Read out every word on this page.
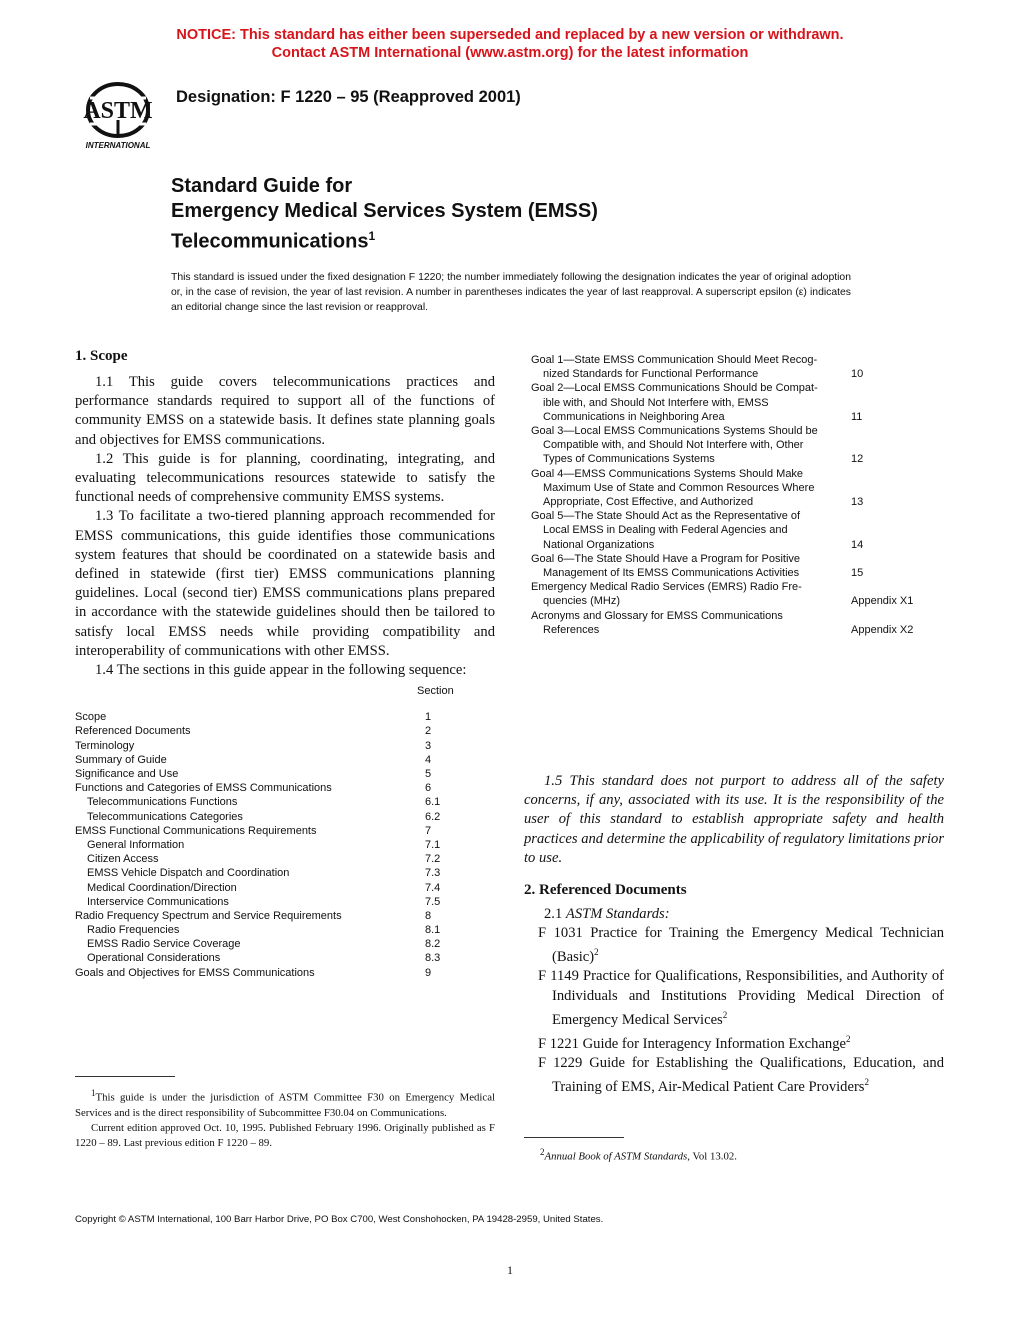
NOTICE: This standard has either been superseded and replaced by a new version or withdrawn.
Contact ASTM International (www.astm.org) for the latest information
ASTM
INTERNATIONAL
Designation: F 1220 – 95 (Reapproved 2001)
Standard Guide for
Emergency Medical Services System (EMSS)
Telecommunications$^1$
This standard is issued under the fixed designation F 1220; the number immediately following the designation indicates the year of original adoption or, in the case of revision, the year of last revision. A number in parentheses indicates the year of last reapproval. A superscript epsilon (ε) indicates an editorial change since the last revision or reapproval.
1. Scope

1.1 This guide covers telecommunications practices and performance standards required to support all of the functions of community EMSS on a statewide basis. It defines state planning goals and objectives for EMSS communications.

1.2 This guide is for planning, coordinating, integrating, and evaluating telecommunications resources statewide to satisfy the functional needs of comprehensive community EMSS systems.

1.3 To facilitate a two-tiered planning approach recommended for EMSS communications, this guide identifies those communications system features that should be coordinated on a statewide basis and defined in statewide (first tier) EMSS communications planning guidelines. Local (second tier) EMSS communications plans prepared in accordance with the statewide guidelines should then be tailored to satisfy local EMSS needs while providing compatibility and interoperability of communications with other EMSS.

1.4 The sections in this guide appear in the following sequence:

Section
Scope	1
Referenced Documents	2
Terminology	3
Summary of Guide	4
Significance and Use	5
Functions and Categories of EMSS Communications	6
Telecommunications Functions	6.1
Telecommunications Categories	6.2
EMSS Functional Communications Requirements	7
General Information	7.1
Citizen Access	7.2
EMSS Vehicle Dispatch and Coordination	7.3
Medical Coordination/Direction	7.4
Interservice Communications	7.5
Radio Frequency Spectrum and Service Requirements	8
Radio Frequencies	8.1
EMSS Radio Service Coverage	8.2
Operational Considerations	8.3
Goals and Objectives for EMSS Communications	9
$^1$This guide is under the jurisdiction of ASTM Committee F30 on Emergency Medical Services and is the direct responsibility of Subcommittee F30.04 on Communications.
Current edition approved Oct. 10, 1995. Published February 1996. Originally published as F 1220 – 89. Last previous edition F 1220 – 89.
Goal 1—State EMSS Communication Should Meet Recog-
nized Standards for Functional Performance	10
Goal 2—Local EMSS Communications Should be Compat-
ible with, and Should Not Interfere with, EMSS
Communications in Neighboring Area	11
Goal 3—Local EMSS Communications Systems Should be
Compatible with, and Should Not Interfere with, Other
Types of Communications Systems	12
Goal 4—EMSS Communications Systems Should Make
Maximum Use of State and Common Resources Where
Appropriate, Cost Effective, and Authorized	13
Goal 5—The State Should Act as the Representative of
Local EMSS in Dealing with Federal Agencies and
National Organizations	14
Goal 6—The State Should Have a Program for Positive
Management of Its EMSS Communications Activities	15
Emergency Medical Radio Services (EMRS) Radio Fre-
quencies (MHz)	Appendix X1
Acronyms and Glossary for EMSS Communications
References	Appendix X2
1.5 This standard does not purport to address all of the safety concerns, if any, associated with its use. It is the responsibility of the user of this standard to establish appropriate safety and health practices and determine the applicability of regulatory limitations prior to use.
2. Referenced Documents

2.1 ASTM Standards:

F 1031 Practice for Training the Emergency Medical Technician (Basic)$^2$

F 1149 Practice for Qualifications, Responsibilities, and Authority of Individuals and Institutions Providing Medical Direction of Emergency Medical Services$^2$

F 1221 Guide for Interagency Information Exchange$^2$

F 1229 Guide for Establishing the Qualifications, Education, and Training of EMS, Air-Medical Patient Care Providers$^2$

$^2$Annual Book of ASTM Standards, Vol 13.02.
Copyright © ASTM International, 100 Barr Harbor Drive, PO Box C700, West Conshohocken, PA 19428-2959, United States.
1
